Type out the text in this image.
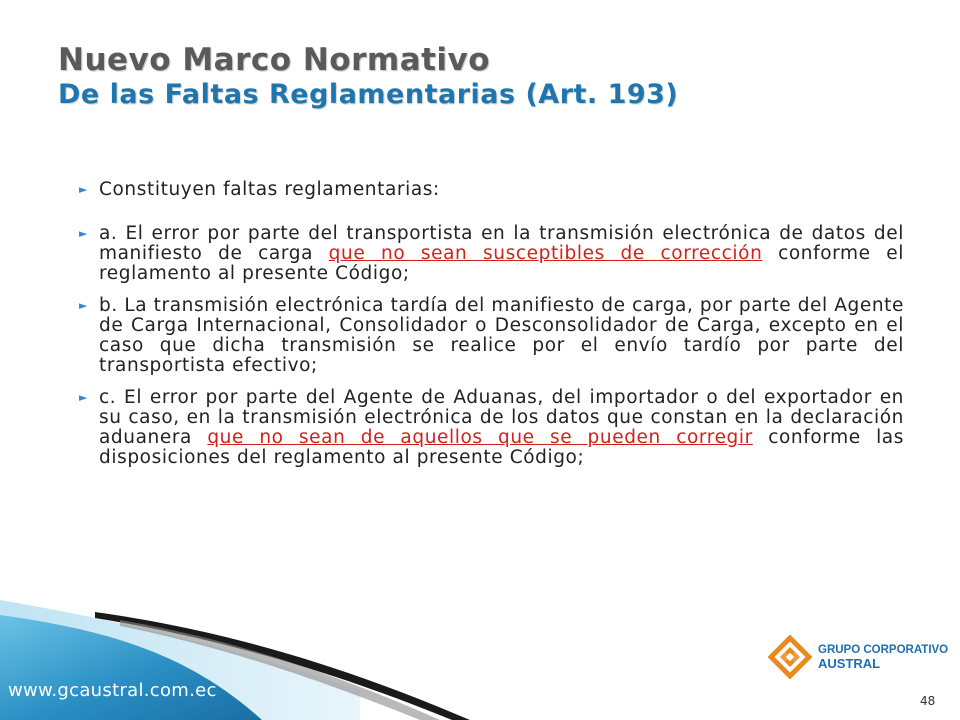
Nuevo Marco Normativo
De las Faltas Reglamentarias (Art. 193)
► Constituyen faltas reglamentarias:
► a. El error por parte del transportista en la transmisión electrónica de datos del manifiesto de carga que no sean susceptibles de corrección conforme el reglamento al presente Código;
► b. La transmisión electrónica tardía del manifiesto de carga, por parte del Agente de Carga Internacional, Consolidador o Desconsolidador de Carga, excepto en el caso que dicha transmisión se realice por el envío tardío por parte del transportista efectivo;
► c. El error por parte del Agente de Aduanas, del importador o del exportador en su caso, en la transmisión electrónica de los datos que constan en la declaración aduanera que no sean de aquellos que se pueden corregir conforme las disposiciones del reglamento al presente Código;
GRUPO CORPORATIVO
AUSTRAL
www.gcaustral.com.ec	48
